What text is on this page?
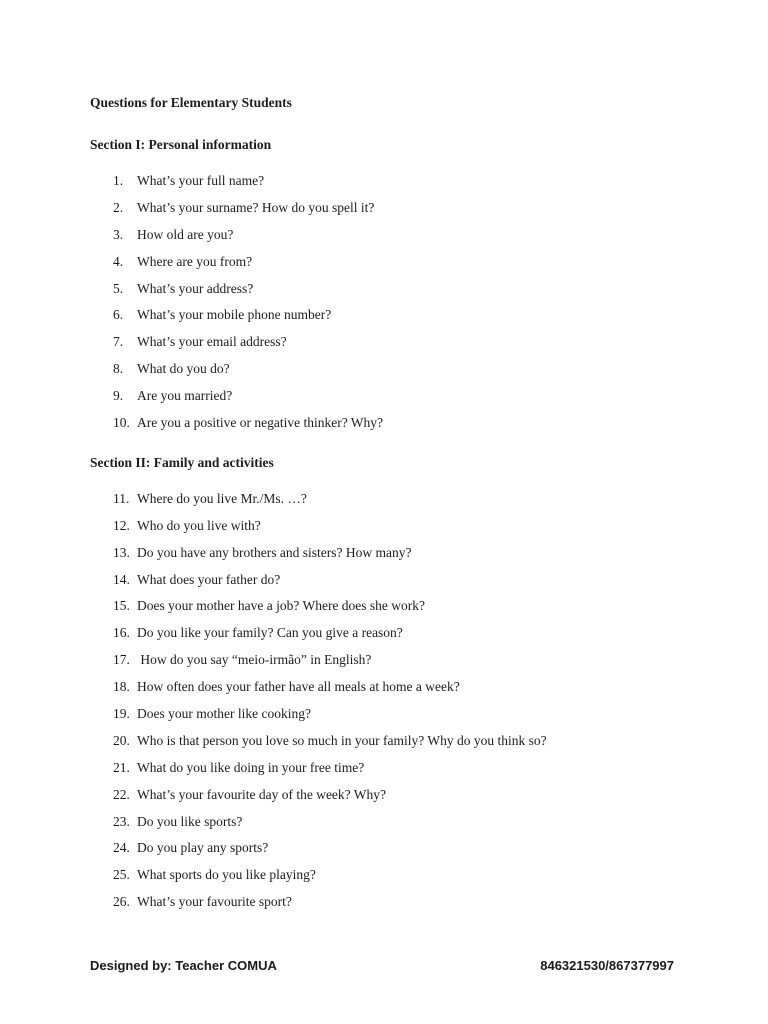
Questions for Elementary Students
Section I: Personal information
1. What’s your full name?
2. What’s your surname? How do you spell it?
3. How old are you?
4. Where are you from?
5. What’s your address?
6. What’s your mobile phone number?
7. What’s your email address?
8. What do you do?
9. Are you married?
10. Are you a positive or negative thinker? Why?
Section II: Family and activities
11. Where do you live Mr./Ms. …?
12. Who do you live with?
13. Do you have any brothers and sisters? How many?
14. What does your father do?
15. Does your mother have a job? Where does she work?
16. Do you like your family? Can you give a reason?
17. How do you say “meio-irmão” in English?
18. How often does your father have all meals at home a week?
19. Does your mother like cooking?
20. Who is that person you love so much in your family? Why do you think so?
21. What do you like doing in your free time?
22. What’s your favourite day of the week? Why?
23. Do you like sports?
24. Do you play any sports?
25. What sports do you like playing?
26. What’s your favourite sport?
Designed by: Teacher COMUA	846321530/867377997
